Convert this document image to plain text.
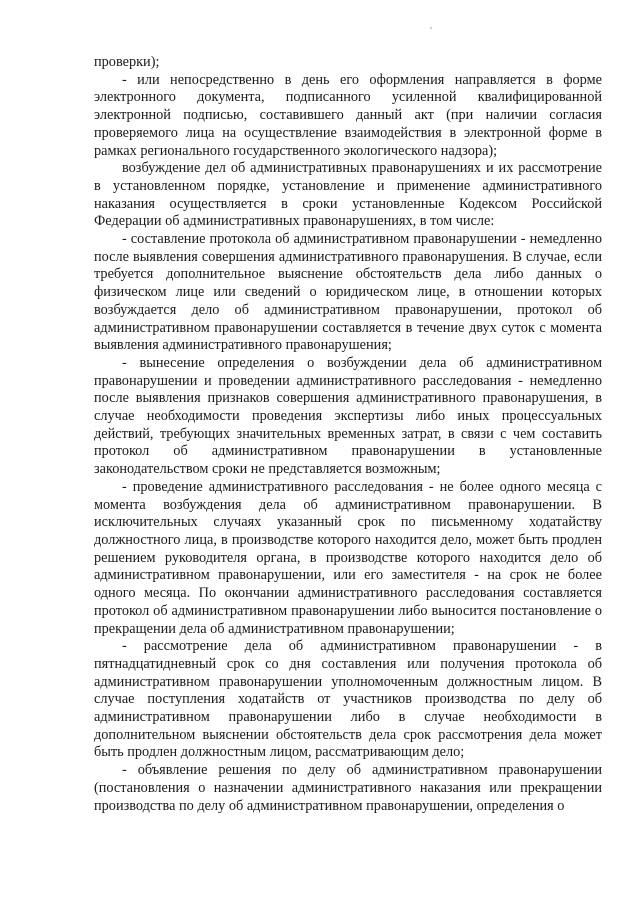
проверки);

- или непосредственно в день его оформления направляется в форме электронного документа, подписанного усиленной квалифицированной электронной подписью, составившего данный акт (при наличии согласия проверяемого лица на осуществление взаимодействия в электронной форме в рамках регионального государственного экологического надзора);

возбуждение дел об административных правонарушениях и их рассмотрение в установленном порядке, установление и применение административного наказания осуществляется в сроки установленные Кодексом Российской Федерации об административных правонарушениях, в том числе:

- составление протокола об административном правонарушении - немедленно после выявления совершения административного правонарушения. В случае, если требуется дополнительное выяснение обстоятельств дела либо данных о физическом лице или сведений о юридическом лице, в отношении которых возбуждается дело об административном правонарушении, протокол об административном правонарушении составляется в течение двух суток с момента выявления административного правонарушения;

- вынесение определения о возбуждении дела об административном правонарушении и проведении административного расследования - немедленно после выявления признаков совершения административного правонарушения, в случае необходимости проведения экспертизы либо иных процессуальных действий, требующих значительных временных затрат, в связи с чем составить протокол об административном правонарушении в установленные законодательством сроки не представляется возможным;

- проведение административного расследования - не более одного месяца с момента возбуждения дела об административном правонарушении. В исключительных случаях указанный срок по письменному ходатайству должностного лица, в производстве которого находится дело, может быть продлен решением руководителя органа, в производстве которого находится дело об административном правонарушении, или его заместителя - на срок не более одного месяца. По окончании административного расследования составляется протокол об административном правонарушении либо выносится постановление о прекращении дела об административном правонарушении;

- рассмотрение дела об административном правонарушении - в пятнадцатидневный срок со дня составления или получения протокола об административном правонарушении уполномоченным должностным лицом. В случае поступления ходатайств от участников производства по делу об административном правонарушении либо в случае необходимости в дополнительном выяснении обстоятельств дела срок рассмотрения дела может быть продлен должностным лицом, рассматривающим дело;

- объявление решения по делу об административном правонарушении (постановления о назначении административного наказания или прекращении производства по делу об административном правонарушении, определения о
